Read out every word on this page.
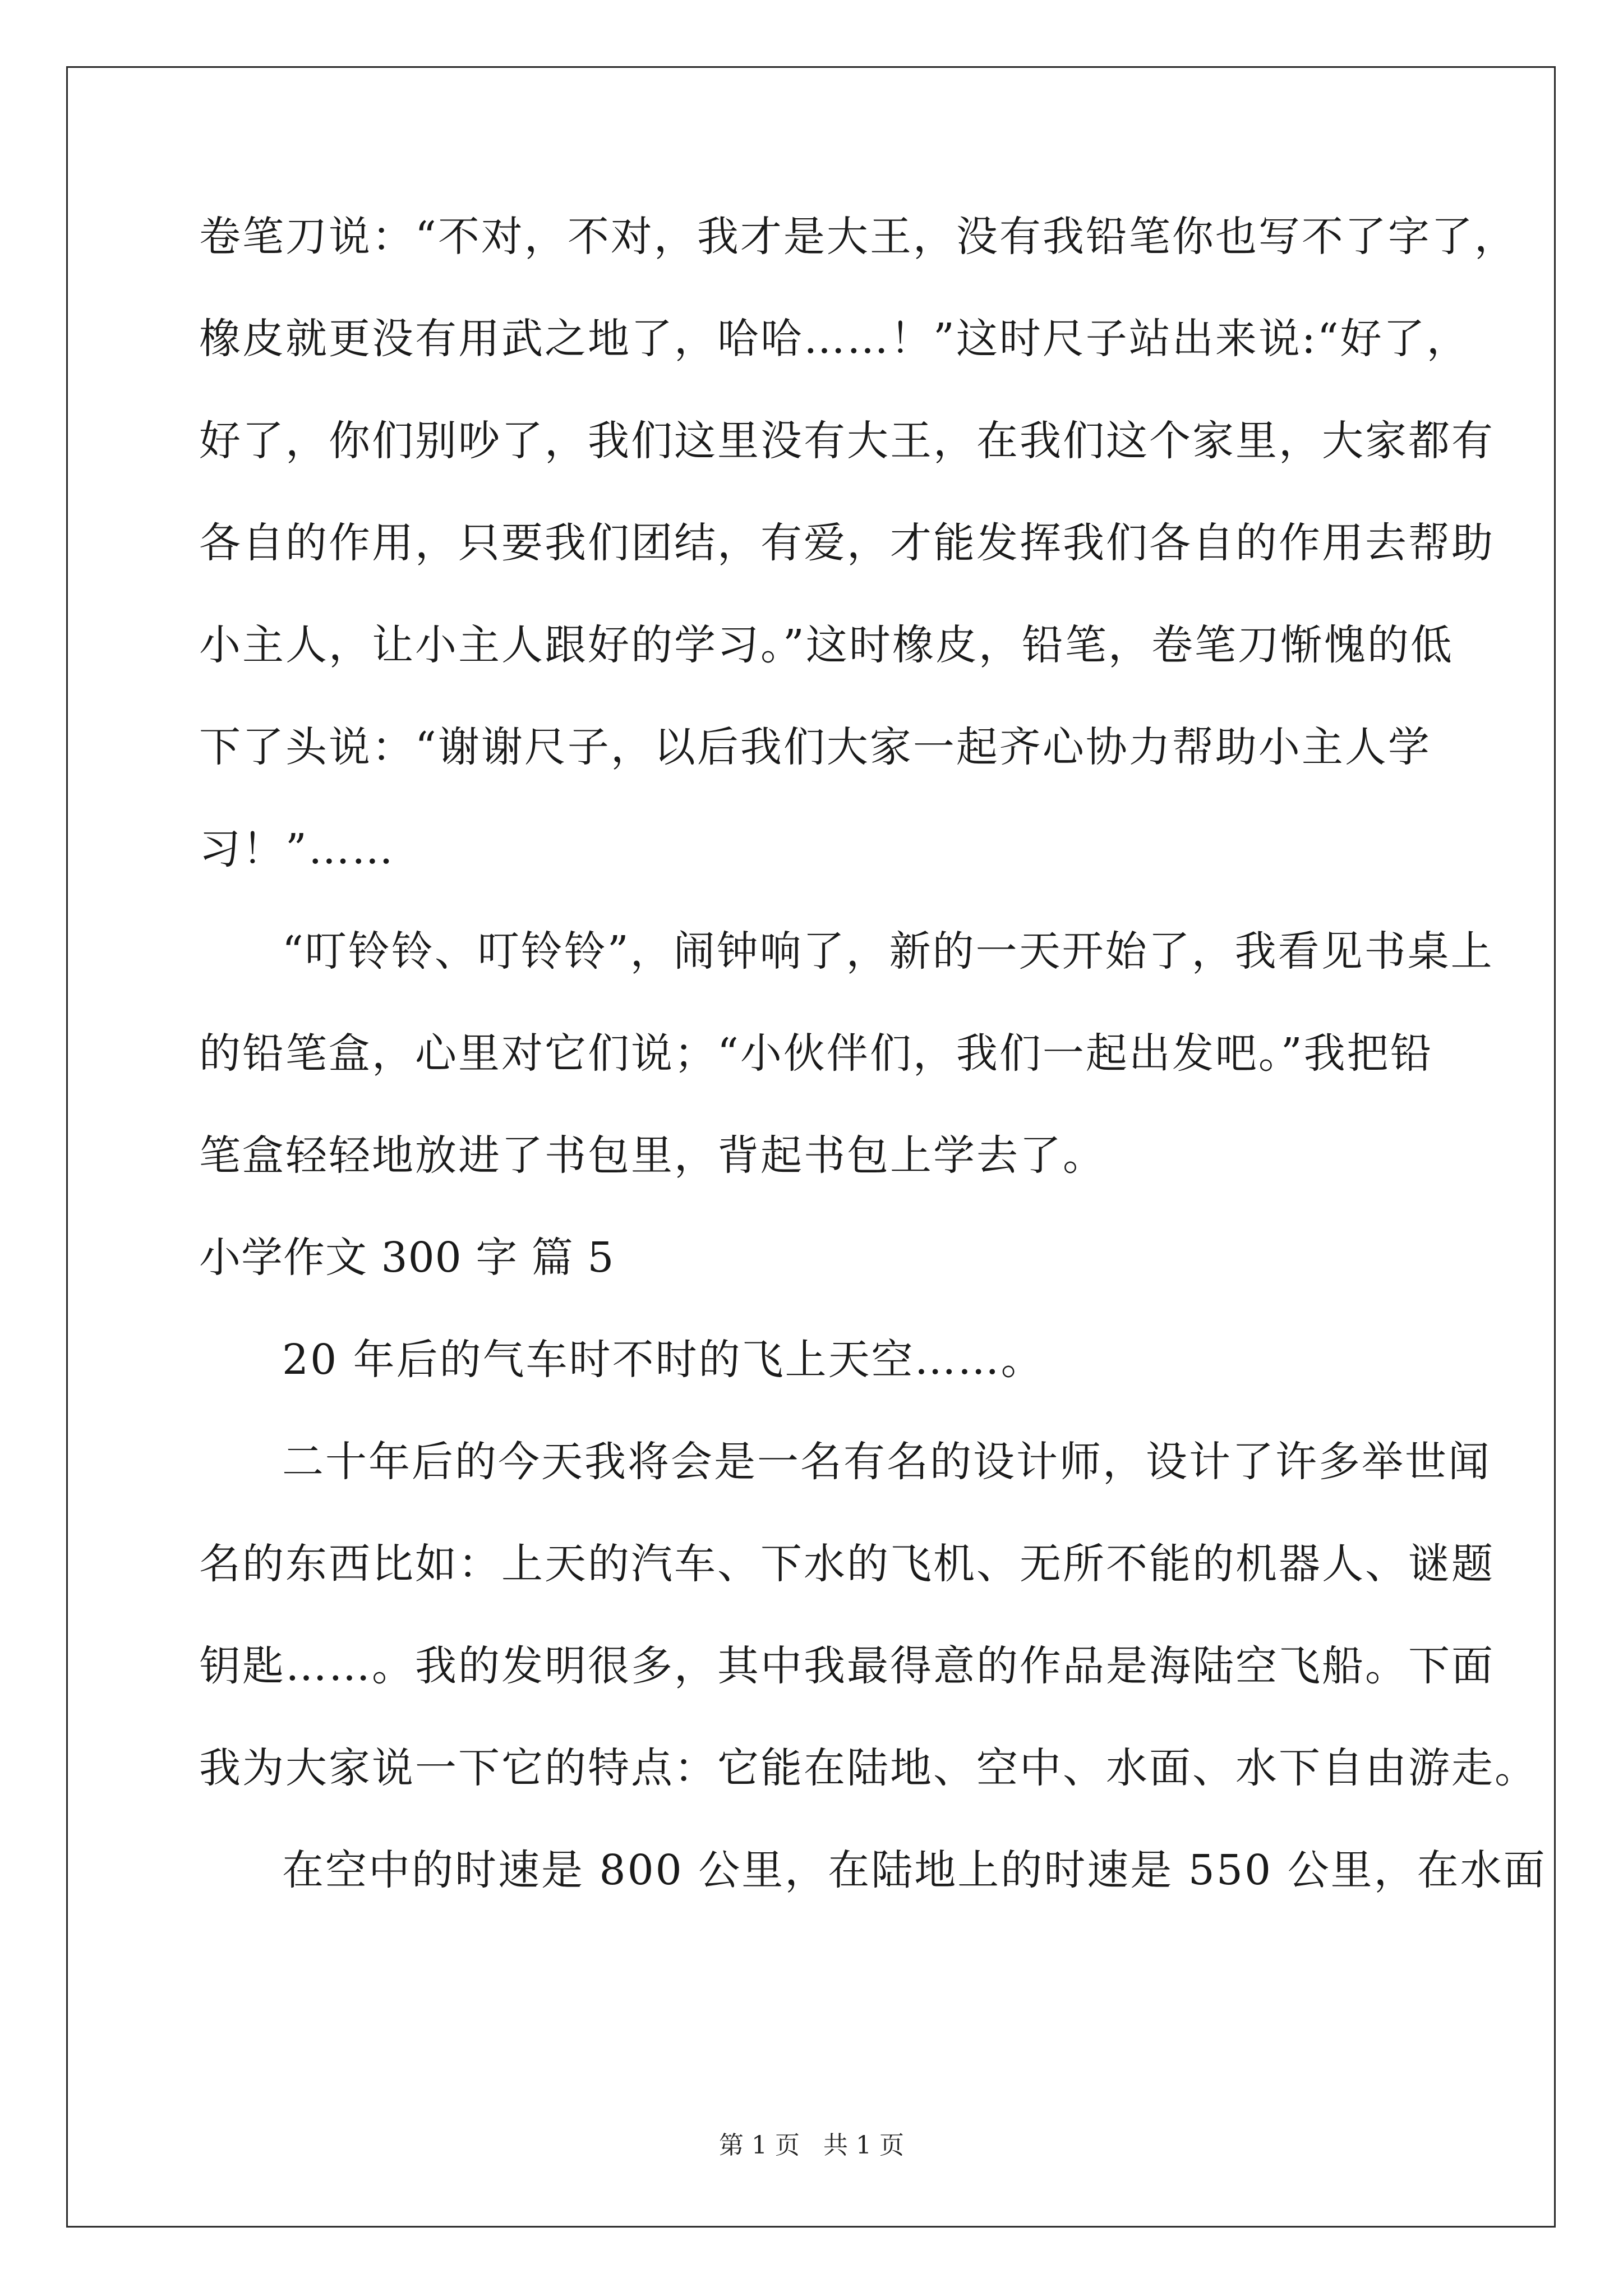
卷笔刀说：“不对，不对，我才是大王，没有我铅笔你也写不了字了，
橡皮就更没有用武之地了，哈哈……！”这时尺子站出来说:“好了，
好了，你们别吵了，我们这里没有大王，在我们这个家里，大家都有
各自的作用，只要我们团结，有爱，才能发挥我们各自的作用去帮助
小主人，让小主人跟好的学习。”这时橡皮，铅笔，卷笔刀惭愧的低
下了头说：“谢谢尺子，以后我们大家一起齐心协力帮助小主人学
习！”……
“叮铃铃、叮铃铃”，闹钟响了，新的一天开始了，我看见书桌上
的铅笔盒，心里对它们说；“小伙伴们，我们一起出发吧。”我把铅
笔盒轻轻地放进了书包里，背起书包上学去了。
小学作文 300 字 篇 5
20 年后的气车时不时的飞上天空……。
二十年后的今天我将会是一名有名的设计师，设计了许多举世闻
名的东西比如：上天的汽车、下水的飞机、无所不能的机器人、谜题
钥匙……。我的发明很多，其中我最得意的作品是海陆空飞船。下面
我为大家说一下它的特点：它能在陆地、空中、水面、水下自由游走。
在空中的时速是 800 公里，在陆地上的时速是 550 公里，在水面
第 1 页   共 1 页
